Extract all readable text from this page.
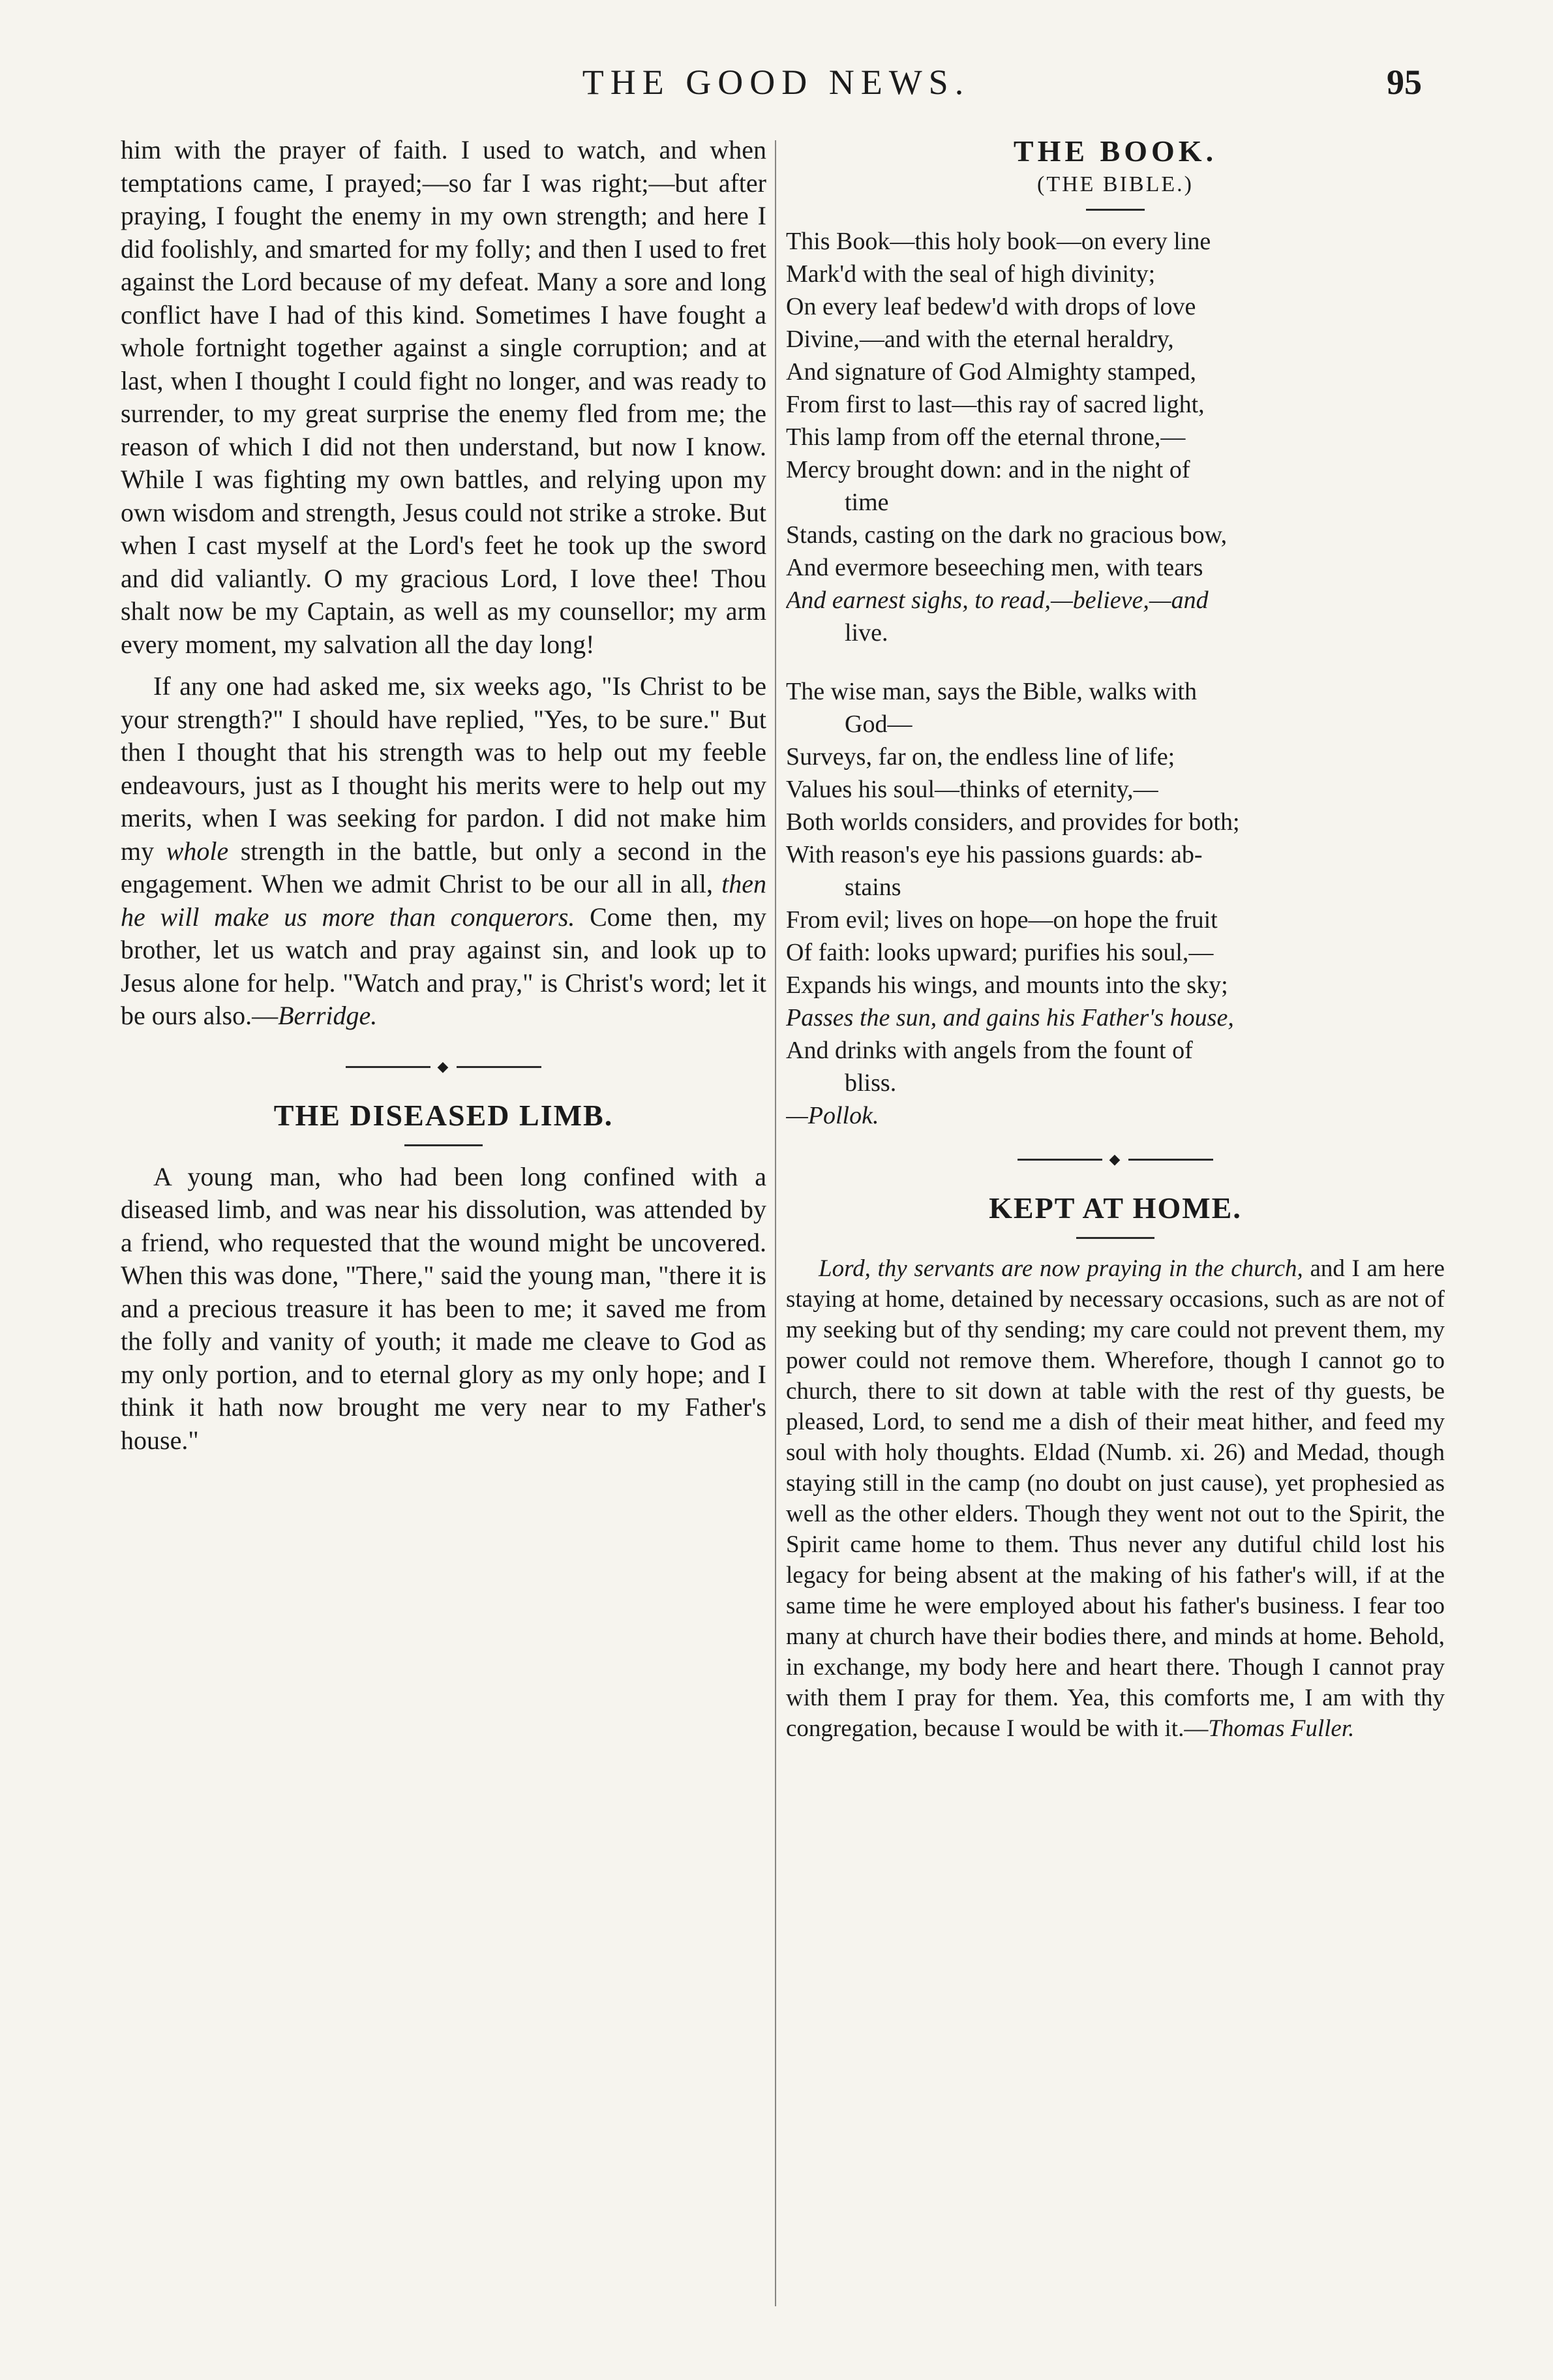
THE GOOD NEWS.	95

him with the prayer of faith. I used to watch, and when temptations came, I prayed;—so far I was right;—but after praying, I fought the enemy in my own strength; and here I did foolishly, and smarted for my folly; and then I used to fret against the Lord because of my defeat. Many a sore and long conflict have I had of this kind. Sometimes I have fought a whole fortnight together against a single corruption; and at last, when I thought I could fight no longer, and was ready to surrender, to my great surprise the enemy fled from me; the reason of which I did not then understand, but now I know. While I was fighting my own battles, and relying upon my own wisdom and strength, Jesus could not strike a stroke. But when I cast myself at the Lord's feet he took up the sword and did valiantly. O my gracious Lord, I love thee! Thou shalt now be my Captain, as well as my counsellor; my arm every moment, my salvation all the day long!

If any one had asked me, six weeks ago, "Is Christ to be your strength?" I should have replied, "Yes, to be sure." But then I thought that his strength was to help out my feeble endeavours, just as I thought his merits were to help out my merits, when I was seeking for pardon. I did not make him my whole strength in the battle, but only a second in the engagement. When we admit Christ to be our all in all, then he will make us more than conquerors. Come then, my brother, let us watch and pray against sin, and look up to Jesus alone for help. "Watch and pray," is Christ's word; let it be ours also.—Berridge.

◆
THE DISEASED LIMB.

A young man, who had been long confined with a diseased limb, and was near his dissolution, was attended by a friend, who requested that the wound might be uncovered. When this was done, "There," said the young man, "there it is and a precious treasure it has been to me; it saved me from the folly and vanity of youth; it made me cleave to God as my only portion, and to eternal glory as my only hope; and I think it hath now brought me very near to my Father's house."

THE BOOK.
(THE BIBLE.)

This Book—this holy book—on every line

Mark'd with the seal of high divinity;

On every leaf bedew'd with drops of love

Divine,—and with the eternal heraldry,

And signature of God Almighty stamped,

From first to last—this ray of sacred light,

This lamp from off the eternal throne,—

Mercy brought down: and in the night of

time

Stands, casting on the dark no gracious bow,

And evermore beseeching men, with tears

And earnest sighs, to read,—believe,—and

live.

The wise man, says the Bible, walks with

God—

Surveys, far on, the endless line of life;

Values his soul—thinks of eternity,—

Both worlds considers, and provides for both;

With reason's eye his passions guards: ab-

stains

From evil; lives on hope—on hope the fruit

Of faith: looks upward; purifies his soul,—

Expands his wings, and mounts into the sky;

Passes the sun, and gains his Father's house,

And drinks with angels from the fount of

bliss.

—Pollok.

◆
KEPT AT HOME.

Lord, thy servants are now praying in the church, and I am here staying at home, detained by necessary occasions, such as are not of my seeking but of thy sending; my care could not prevent them, my power could not remove them. Wherefore, though I cannot go to church, there to sit down at table with the rest of thy guests, be pleased, Lord, to send me a dish of their meat hither, and feed my soul with holy thoughts. Eldad (Numb. xi. 26) and Medad, though staying still in the camp (no doubt on just cause), yet prophesied as well as the other elders. Though they went not out to the Spirit, the Spirit came home to them. Thus never any dutiful child lost his legacy for being absent at the making of his father's will, if at the same time he were employed about his father's business. I fear too many at church have their bodies there, and minds at home. Behold, in exchange, my body here and heart there. Though I cannot pray with them I pray for them. Yea, this comforts me, I am with thy congregation, because I would be with it.—Thomas Fuller.
